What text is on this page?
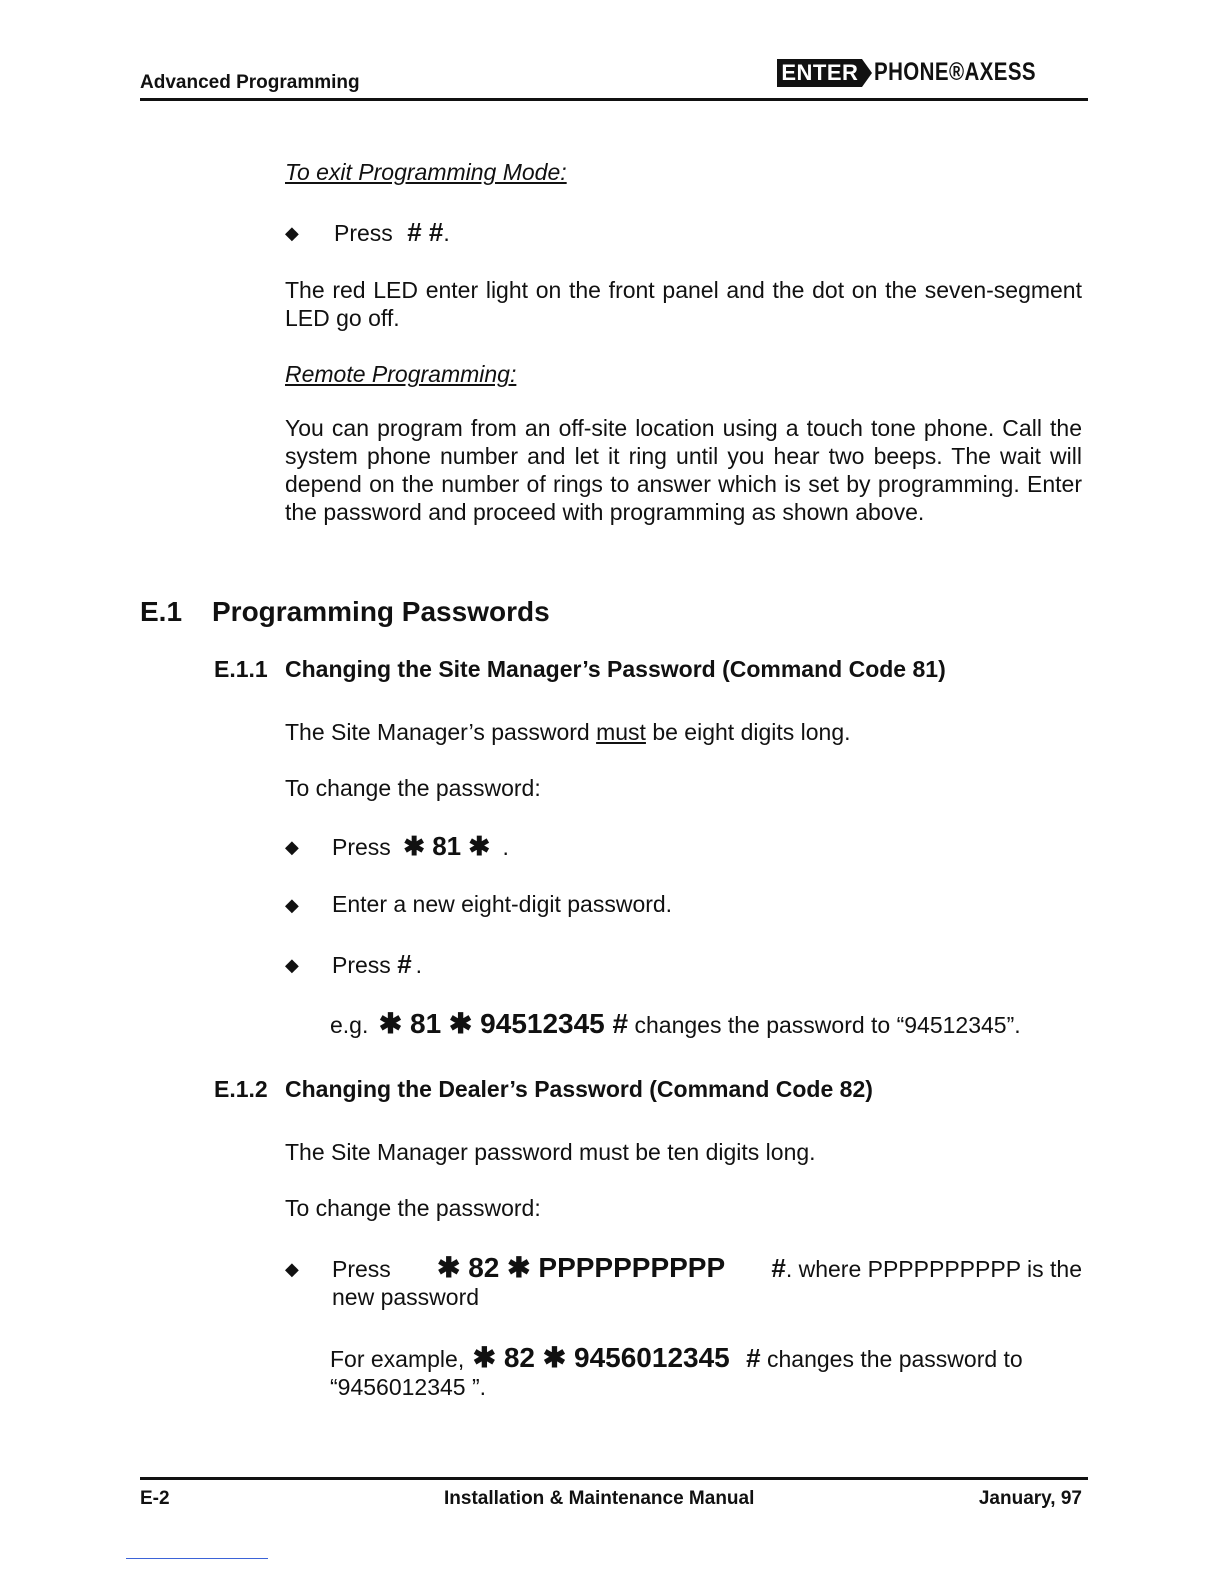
Advanced Programming	ENTER PHONE®AXESS
To exit Programming Mode:
◆ Press # #.
The red LED enter light on the front panel and the dot on the seven-segment LED go off.
Remote Programming:
You can program from an off-site location using a touch tone phone. Call the system phone number and let it ring until you hear two beeps. The wait will depend on the number of rings to answer which is set by programming. Enter the password and proceed with programming as shown above.
E.1 Programming Passwords
E.1.1 Changing the Site Manager’s Password (Command Code 81)
The Site Manager’s password must be eight digits long.
To change the password:
◆ Press ✱ 81 ✱ .
◆ Enter a new eight-digit password.
◆ Press # .
e.g. ✱ 81 ✱ 94512345 # changes the password to “94512345”.
E.1.2 Changing the Dealer’s Password (Command Code 82)
The Site Manager password must be ten digits long.
To change the password:
◆ Press ✱ 82 ✱ PPPPPPPPPP #. where PPPPPPPPPP is the
new password
For example, ✱ 82 ✱ 9456012345 # changes the password to
“9456012345 ”.
E-2	Installation & Maintenance Manual	January, 97
